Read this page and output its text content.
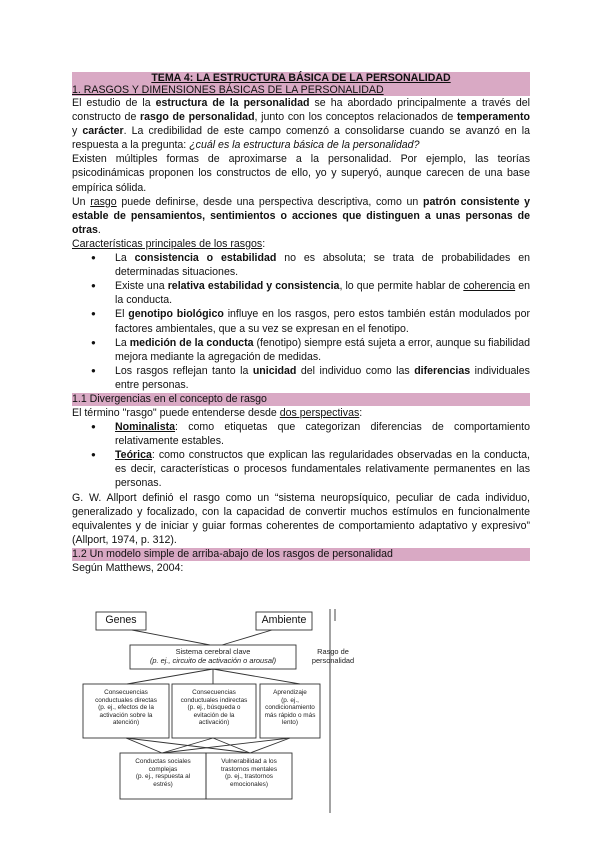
TEMA 4: LA ESTRUCTURA BÁSICA DE LA PERSONALIDAD
1. RASGOS Y DIMENSIONES BÁSICAS DE LA PERSONALIDAD

El estudio de la estructura de la personalidad se ha abordado principalmente a través del constructo de rasgo de personalidad, junto con los conceptos relacionados de temperamento y carácter. La credibilidad de este campo comenzó a consolidarse cuando se avanzó en la respuesta a la pregunta: ¿cuál es la estructura básica de la personalidad?

Existen múltiples formas de aproximarse a la personalidad. Por ejemplo, las teorías psicodinámicas proponen los constructos de ello, yo y superyó, aunque carecen de una base empírica sólida.

Un rasgo puede definirse, desde una perspectiva descriptiva, como un patrón consistente y estable de pensamientos, sentimientos o acciones que distinguen a unas personas de otras.

Características principales de los rasgos:

● La consistencia o estabilidad no es absoluta; se trata de probabilidades en determinadas situaciones.
● Existe una relativa estabilidad y consistencia, lo que permite hablar de coherencia en la conducta.
● El genotipo biológico influye en los rasgos, pero estos también están modulados por factores ambientales, que a su vez se expresan en el fenotipo.
● La medición de la conducta (fenotipo) siempre está sujeta a error, aunque su fiabilidad mejora mediante la agregación de medidas.
● Los rasgos reflejan tanto la unicidad del individuo como las diferencias individuales entre personas.
1.1 Divergencias en el concepto de rasgo

El término "rasgo" puede entenderse desde dos perspectivas:

● Nominalista: como etiquetas que categorizan diferencias de comportamiento relativamente estables.
● Teórica: como constructos que explican las regularidades observadas en la conducta, es decir, características o procesos fundamentales relativamente permanentes en las personas.

G. W. Allport definió el rasgo como un “sistema neuropsíquico, peculiar de cada individuo, generalizado y focalizado, con la capacidad de convertir muchos estímulos en funcionalmente equivalentes y de iniciar y guiar formas coherentes de comportamiento adaptativo y expresivo” (Allport, 1974, p. 312).

1.2 Un modelo simple de arriba-abajo de los rasgos de personalidad

Según Matthews, 2004:

Genes	Ambiente
Sistema cerebral clave
(p. ej., circuito de activación o arousal)
Rasgo de
personalidad
Consecuencias
conductuales directas
(p. ej., efectos de la
activación sobre la
atención)
Consecuencias
conductuales indirectas
(p. ej., búsqueda o
evitación de la
activación)
Aprendizaje
(p. ej.,
condicionamiento
más rápido o más
lento)
Conductas sociales
complejas
(p. ej., respuesta al
estrés)
Vulnerabilidad a los
trastornos mentales
(p. ej., trastornos
emocionales)
